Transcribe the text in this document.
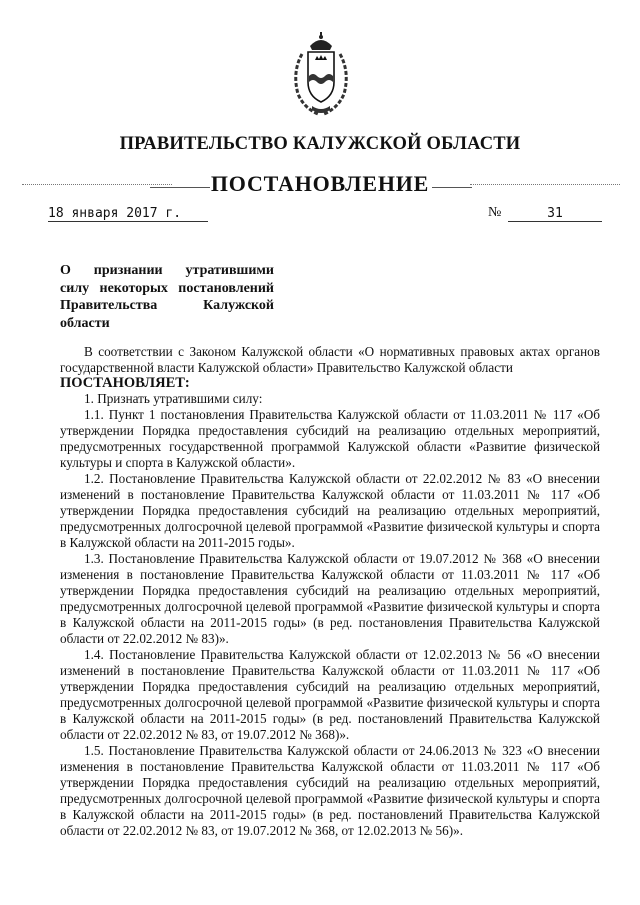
ПРАВИТЕЛЬСТВО КАЛУЖСКОЙ ОБЛАСТИ
ПОСТАНОВЛЕНИЕ
18 января 2017 г.	№	31
О признании утратившими
силу некоторых постановлений
Правительства Калужской
области

В соответствии с Законом Калужской области «О нормативных правовых актах органов государственной власти Калужской области» Правительство Калужской области

ПОСТАНОВЛЯЕТ:

1. Признать утратившими силу:

1.1. Пункт 1 постановления Правительства Калужской области от 11.03.2011 № 117 «Об утверждении Порядка предоставления субсидий на реализацию отдельных мероприятий, предусмотренных государственной программой Калужской области «Развитие физической культуры и спорта в Калужской области».

1.2. Постановление Правительства Калужской области от 22.02.2012 № 83 «О внесении изменений в постановление Правительства Калужской области от 11.03.2011 № 117 «Об утверждении Порядка предоставления субсидий на реализацию отдельных мероприятий, предусмотренных долгосрочной целевой программой «Развитие физической культуры и спорта в Калужской области на 2011-2015 годы».

1.3. Постановление Правительства Калужской области от 19.07.2012 № 368 «О внесении изменения в постановление Правительства Калужской области от 11.03.2011 № 117 «Об утверждении Порядка предоставления субсидий на реализацию отдельных мероприятий, предусмотренных долгосрочной целевой программой «Развитие физической культуры и спорта в Калужской области на 2011-2015 годы» (в ред. постановления Правительства Калужской области от 22.02.2012 № 83)».

1.4. Постановление Правительства Калужской области от 12.02.2013 № 56 «О внесении изменений в постановление Правительства Калужской области от 11.03.2011 № 117 «Об утверждении Порядка предоставления субсидий на реализацию отдельных мероприятий, предусмотренных долгосрочной целевой программой «Развитие физической культуры и спорта в Калужской области на 2011-2015 годы» (в ред. постановлений Правительства Калужской области от 22.02.2012 № 83, от 19.07.2012 № 368)».

1.5. Постановление Правительства Калужской области от 24.06.2013 № 323 «О внесении изменения в постановление Правительства Калужской области от 11.03.2011 № 117 «Об утверждении Порядка предоставления субсидий на реализацию отдельных мероприятий, предусмотренных долгосрочной целевой программой «Развитие физической культуры и спорта в Калужской области на 2011-2015 годы» (в ред. постановлений Правительства Калужской области от 22.02.2012 № 83, от 19.07.2012 № 368, от 12.02.2013 № 56)».
